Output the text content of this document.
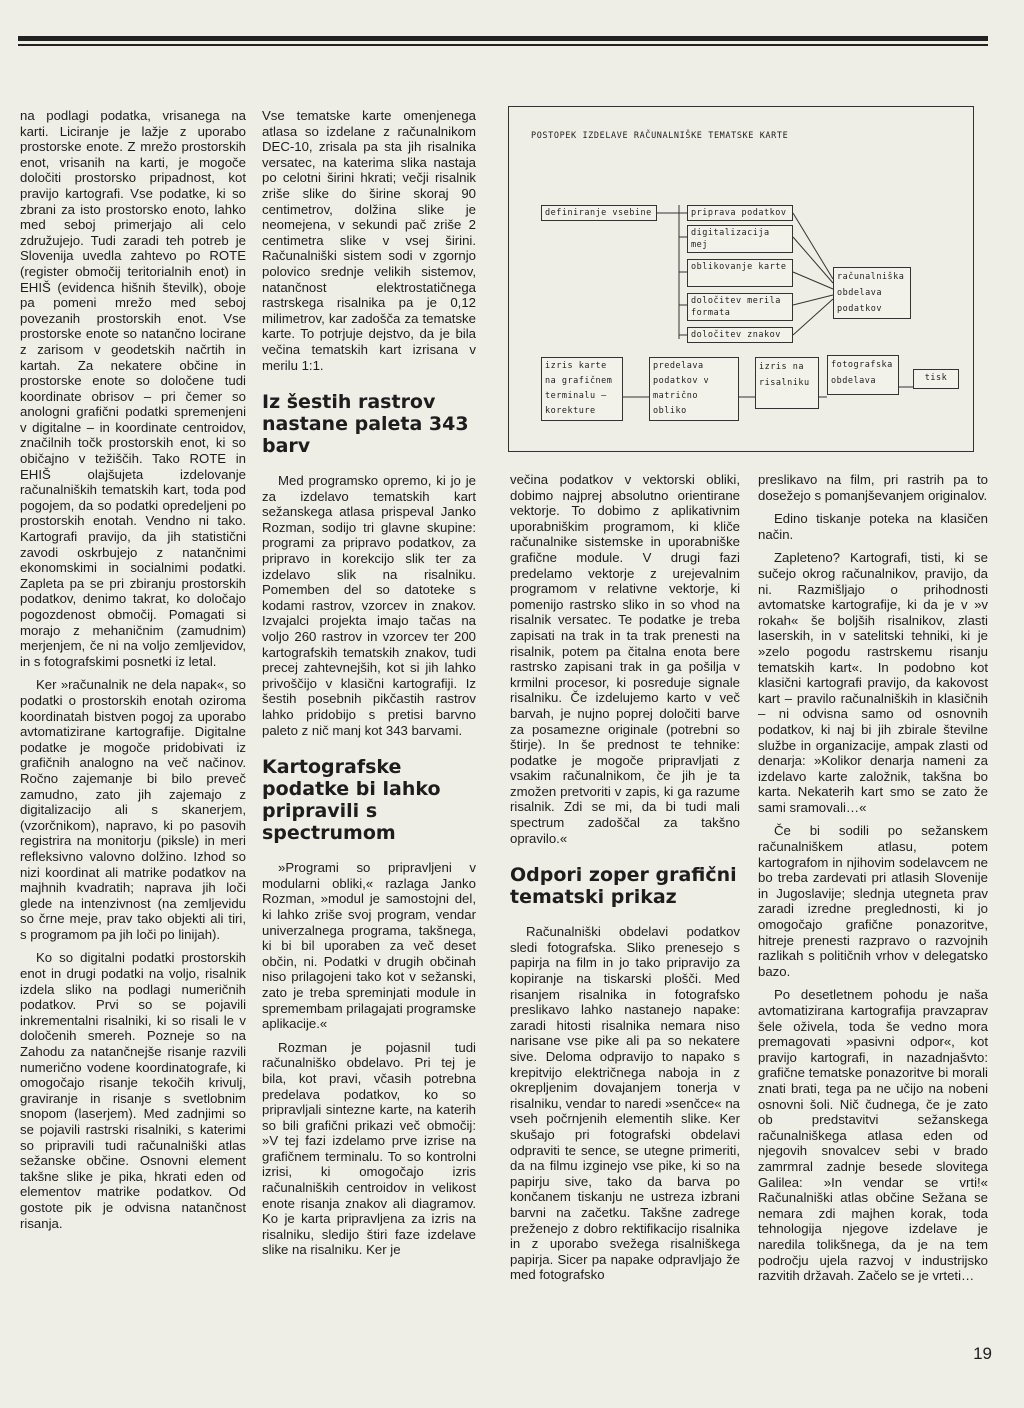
na podlagi podatka, vrisanega na karti. Liciranje je lažje z uporabo prostorske enote. Z mrežo prostorskih enot, vrisanih na karti, je mogoče določiti prostorsko pripadnost, kot pravijo kartografi. Vse podatke, ki so zbrani za isto prostorsko enoto, lahko med seboj primerjajo ali celo združujejo. Tudi zaradi teh potreb je Slovenija uvedla zahtevo po ROTE (register območij teritorialnih enot) in EHIŠ (evidenca hišnih številk), oboje pa pomeni mrežo med seboj povezanih prostorskih enot. Vse prostorske enote so natančno locirane z zarisom v geodetskih načrtih in kartah. Za nekatere občine in prostorske enote so določene tudi koordinate obrisov – pri čemer so anologni grafični podatki spremenjeni v digitalne – in koordinate centroidov, značilnih točk prostorskih enot, ki so običajno v težiščih. Tako ROTE in EHIŠ olajšujeta izdelovanje računalniških tematskih kart, toda pod pogojem, da so podatki opredeljeni po prostorskih enotah. Vendno ni tako. Kartografi pravijo, da jih statistični zavodi oskrbujejo z natančnimi ekonomskimi in socialnimi podatki. Zapleta pa se pri zbiranju prostorskih podatkov, denimo takrat, ko določajo pogozdenost območij. Pomagati si morajo z mehaničnim (zamudnim) merjenjem, če ni na voljo zemljevidov, in s fotografskimi posnetki iz letal.

Ker »računalnik ne dela napak«, so podatki o prostorskih enotah oziroma koordinatah bistven pogoj za uporabo avtomatizirane kartografije. Digitalne podatke je mogoče pridobivati iz grafičnih analogno na več načinov. Ročno zajemanje bi bilo preveč zamudno, zato jih zajemajo z digitalizacijo ali s skanerjem, (vzorčnikom), napravo, ki po pasovih registrira na monitorju (piksle) in meri refleksivno valovno dolžino. Izhod so nizi koordinat ali matrike podatkov na majhnih kvadratih; naprava jih loči glede na intenzivnost (na zemljevidu so črne meje, prav tako objekti ali tiri, s programom pa jih loči po linijah).

Ko so digitalni podatki prostorskih enot in drugi podatki na voljo, risalnik izdela sliko na podlagi numeričnih podatkov. Prvi so se pojavili inkrementalni risalniki, ki so risali le v določenih smereh. Pozneje so na Zahodu za natančnejše risanje razvili numerično vodene koordinatografe, ki omogočajo risanje tekočih krivulj, graviranje in risanje s svetlobnim snopom (laserjem). Med zadnjimi so se pojavili rastrski risalniki, s katerimi so pripravili tudi računalniški atlas sežanske občine. Osnovni element takšne slike je pika, hkrati eden od elementov matrike podatkov. Od gostote pik je odvisna natančnost risanja.

Vse tematske karte omenjenega atlasa so izdelane z računalnikom DEC-10, zrisala pa sta jih risalnika versatec, na katerima slika nastaja po celotni širini hkrati; večji risalnik zriše slike do širine skoraj 90 centimetrov, dolžina slike je neomejena, v sekundi pač zriše 2 centimetra slike v vsej širini. Računalniški sistem sodi v zgornjo polovico srednje velikih sistemov, natančnost elektrostatičnega rastrskega risalnika pa je 0,12 milimetrov, kar zadošča za tematske karte. To potrjuje dejstvo, da je bila večina tematskih kart izrisana v merilu 1:1.

Iz šestih rastrov nastane paleta 343 barv

Med programsko opremo, ki jo je za izdelavo tematskih kart sežanskega atlasa prispeval Janko Rozman, sodijo tri glavne skupine: programi za pripravo podatkov, za pripravo in korekcijo slik ter za izdelavo slik na risalniku. Pomemben del so datoteke s kodami rastrov, vzorcev in znakov. Izvajalci projekta imajo tačas na voljo 260 rastrov in vzorcev ter 200 kartografskih tematskih znakov, tudi precej zahtevnejših, kot si jih lahko privoščijo v klasični kartografiji. Iz šestih posebnih pikčastih rastrov lahko pridobijo s pretisi barvno paleto z nič manj kot 343 barvami.

Kartografske podatke bi lahko pripravili s spectrumom

»Programi so pripravljeni v modularni obliki,« razlaga Janko Rozman, »modul je samostojni del, ki lahko zriše svoj program, vendar univerzalnega programa, takšnega, ki bi bil uporaben za več deset občin, ni. Podatki v drugih občinah niso prilagojeni tako kot v sežanski, zato je treba spreminjati module in spremembam prilagajati programske aplikacije.«

Rozman je pojasnil tudi računalniško obdelavo. Pri tej je bila, kot pravi, včasih potrebna predelava podatkov, ko so pripravljali sintezne karte, na katerih so bili grafični prikazi več območij: »V tej fazi izdelamo prve izrise na grafičnem terminalu. To so kontrolni izrisi, ki omogočajo izris računalniških centroidov in velikost enote risanja znakov ali diagramov. Ko je karta pripravljena za izris na risalniku, sledijo štiri faze izdelave slike na risalniku. Ker je

POSTOPEK IZDELAVE RAČUNALNIŠKE TEMATSKE KARTE
definiranje vsebine	priprava podatkov
digitalizacija mej
oblikovanje karte
določitev merila formata
določitev znakov
računalniška obdelava podatkov
izris karte na grafičnem terminalu – korekture
predelava podatkov v matrično obliko
izris na risalniku
fotografska obdelava	tisk

večina podatkov v vektorski obliki, dobimo najprej absolutno orientirane vektorje. To dobimo z aplikativnim uporabniškim programom, ki kliče računalnike sistemske in uporabniške grafične module. V drugi fazi predelamo vektorje z urejevalnim programom v relativne vektorje, ki pomenijo rastrsko sliko in so vhod na risalnik versatec. Te podatke je treba zapisati na trak in ta trak prenesti na risalnik, potem pa čitalna enota bere rastrsko zapisani trak in ga pošilja v krmilni procesor, ki posreduje signale risalniku. Če izdelujemo karto v več barvah, je nujno poprej določiti barve za posamezne originale (potrebni so štirje). In še prednost te tehnike: podatke je mogoče pripravljati z vsakim računalnikom, če jih je ta zmožen pretvoriti v zapis, ki ga razume risalnik. Zdi se mi, da bi tudi mali spectrum zadoščal za takšno opravilo.«

Odpori zoper grafični tematski prikaz

Računalniški obdelavi podatkov sledi fotografska. Sliko prenesejo s papirja na film in jo tako pripravijo za kopiranje na tiskarski plošči. Med risanjem risalnika in fotografsko preslikavo lahko nastanejo napake: zaradi hitosti risalnika nemara niso narisane vse pike ali pa so nekatere sive. Deloma odpravijo to napako s krepitvijo električnega naboja in z okrepljenim dovajanjem tonerja v risalniku, vendar to naredi »senčce« na vseh počrnjenih elementih slike. Ker skušajo pri fotografski obdelavi odpraviti te sence, se utegne primeriti, da na filmu izginejo vse pike, ki so na papirju sive, tako da barva po končanem tiskanju ne ustreza izbrani barvni na začetku. Takšne zadrege preženejo z dobro rektifikacijo risalnika in z uporabo svežega risalniškega papirja. Sicer pa napake odpravljajo že med fotografsko

preslikavo na film, pri rastrih pa to dosežejo s pomanjševanjem originalov.

Edino tiskanje poteka na klasičen način.

Zapleteno? Kartografi, tisti, ki se sučejo okrog računalnikov, pravijo, da ni. Razmišljajo o prihodnosti avtomatske kartografije, ki da je v »v rokah« še boljših risalnikov, zlasti laserskih, in v satelitski tehniki, ki je »zelo pogodu rastrskemu risanju tematskih kart«. In podobno kot klasični kartografi pravijo, da kakovost kart – pravilo računalniških in klasičnih – ni odvisna samo od osnovnih podatkov, ki naj bi jih zbirale številne službe in organizacije, ampak zlasti od denarja: »Kolikor denarja nameni za izdelavo karte založnik, takšna bo karta. Nekaterih kart smo se zato že sami sramovali…«

Če bi sodili po sežanskem računalniškem atlasu, potem kartografom in njihovim sodelavcem ne bo treba zardevati pri atlasih Slovenije in Jugoslavije; slednja utegneta prav zaradi izredne preglednosti, ki jo omogočajo grafične ponazoritve, hitreje prenesti razpravo o razvojnih razlikah s političnih vrhov v delegatsko bazo.

Po desetletnem pohodu je naša avtomatizirana kartografija pravzaprav šele oživela, toda še vedno mora premagovati »pasivni odpor«, kot pravijo kartografi, in nazadnjašvto: grafične tematske ponazoritve bi morali znati brati, tega pa ne učijo na nobeni osnovni šoli. Nič čudnega, če je zato ob predstavitvi sežanskega računalniškega atlasa eden od njegovih snovalcev sebi v brado zamrmral zadnje besede slovitega Galilea: »In vendar se vrti!« Računalniški atlas občine Sežana se nemara zdi majhen korak, toda tehnologija njegove izdelave je naredila tolikšnega, da je na tem področju ujela razvoj v industrijsko razvitih državah. Začelo se je vrteti…

19
